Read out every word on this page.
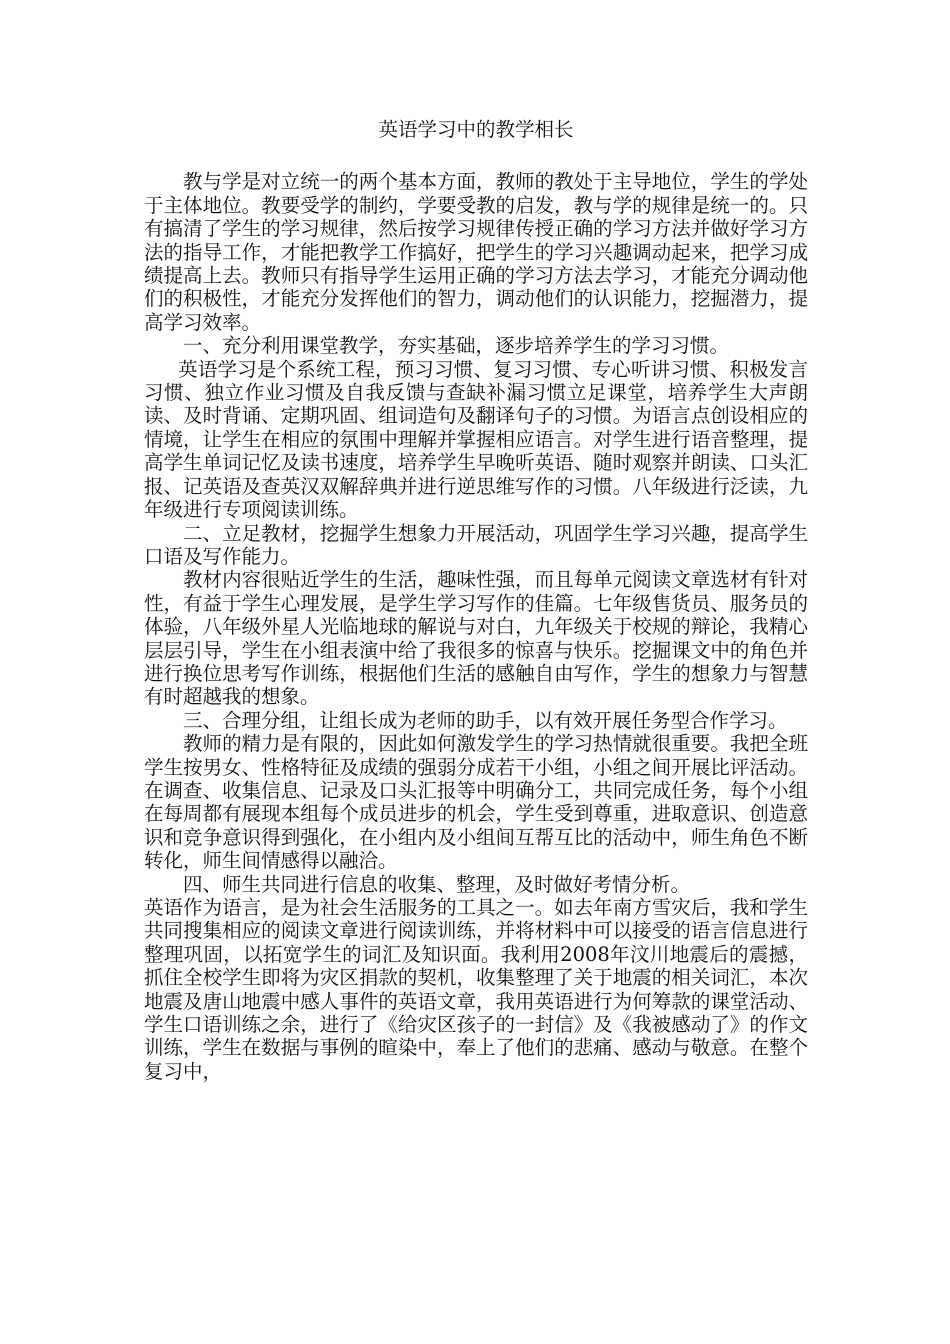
英语学习中的教学相长

教与学是对立统一的两个基本方面，教师的教处于主导地位，学生的学处于主体地位。教要受学的制约，学要受教的启发，教与学的规律是统一的。只有搞清了学生的学习规律，然后按学习规律传授正确的学习方法并做好学习方法的指导工作，才能把教学工作搞好，把学生的学习兴趣调动起来，把学习成绩提高上去。教师只有指导学生运用正确的学习方法去学习，才能充分调动他们的积极性，才能充分发挥他们的智力，调动他们的认识能力，挖掘潜力，提高学习效率。

一、充分利用课堂教学，夯实基础，逐步培养学生的学习习惯。

英语学习是个系统工程，预习习惯、复习习惯、专心听讲习惯、积极发言习惯、独立作业习惯及自我反馈与查缺补漏习惯立足课堂，培养学生大声朗读、及时背诵、定期巩固、组词造句及翻译句子的习惯。为语言点创设相应的情境，让学生在相应的氛围中理解并掌握相应语言。对学生进行语音整理，提高学生单词记忆及读书速度，培养学生早晚听英语、随时观察并朗读、口头汇报、记英语及查英汉双解辞典并进行逆思维写作的习惯。八年级进行泛读，九年级进行专项阅读训练。

二、立足教材，挖掘学生想象力开展活动，巩固学生学习兴趣，提高学生口语及写作能力。

教材内容很贴近学生的生活，趣味性强，而且每单元阅读文章选材有针对性，有益于学生心理发展，是学生学习写作的佳篇。七年级售货员、服务员的体验，八年级外星人光临地球的解说与对白，九年级关于校规的辩论，我精心层层引导，学生在小组表演中给了我很多的惊喜与快乐。挖掘课文中的角色并进行换位思考写作训练，根据他们生活的感触自由写作，学生的想象力与智慧有时超越我的想象。

三、合理分组，让组长成为老师的助手，以有效开展任务型合作学习。

教师的精力是有限的，因此如何激发学生的学习热情就很重要。我把全班学生按男女、性格特征及成绩的强弱分成若干小组，小组之间开展比评活动。在调查、收集信息、记录及口头汇报等中明确分工，共同完成任务，每个小组在每周都有展现本组每个成员进步的机会，学生受到尊重，进取意识、创造意识和竞争意识得到强化，在小组内及小组间互帮互比的活动中，师生角色不断转化，师生间情感得以融洽。

四、师生共同进行信息的收集、整理，及时做好考情分析。

英语作为语言，是为社会生活服务的工具之一。如去年南方雪灾后，我和学生共同搜集相应的阅读文章进行阅读训练，并将材料中可以接受的语言信息进行整理巩固，以拓宽学生的词汇及知识面。我利用2008年汶川地震后的震撼，抓住全校学生即将为灾区捐款的契机，收集整理了关于地震的相关词汇，本次地震及唐山地震中感人事件的英语文章，我用英语进行为何筹款的课堂活动、学生口语训练之余，进行了《给灾区孩子的一封信》及《我被感动了》的作文训练，学生在数据与事例的暄染中，奉上了他们的悲痛、感动与敬意。在整个复习中，
